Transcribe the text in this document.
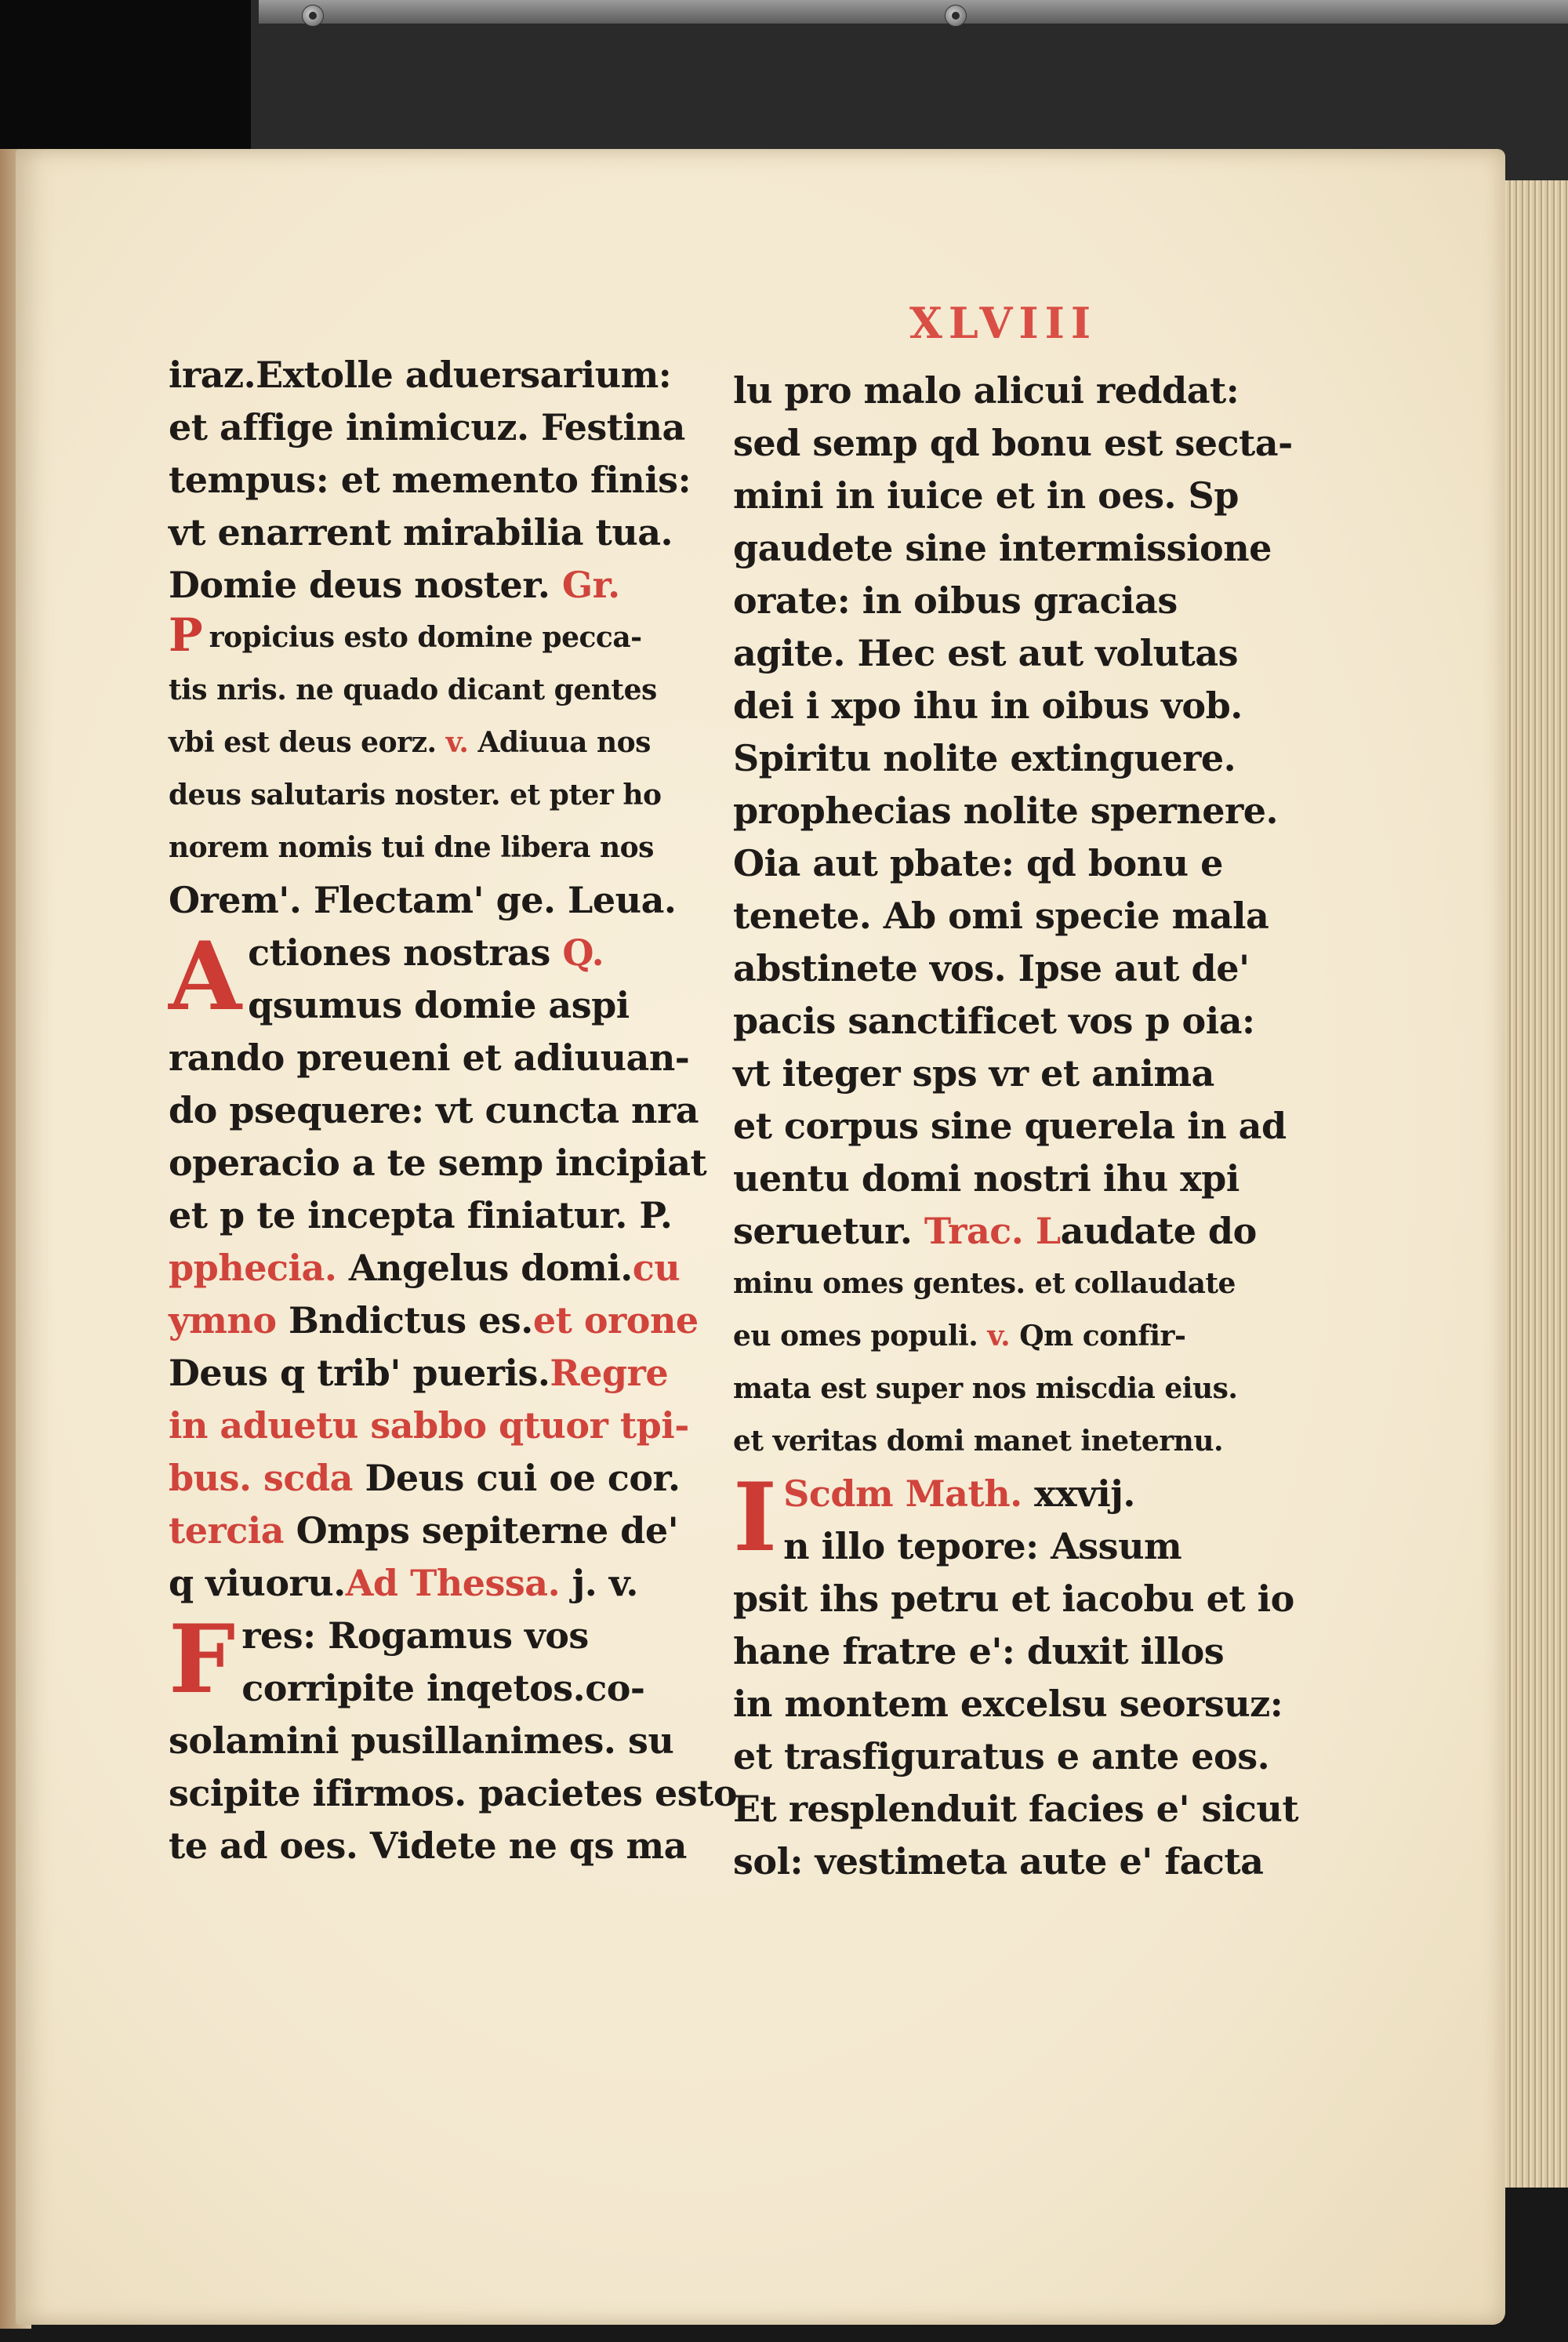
XLVIII
iraz.Extolle aduersarium:
et affige inimicuz. Festina
tempus: et memento finis:
vt enarrent mirabilia tua.
Domie deus noster. Gr.
P ropicius esto domine pecca-
tis nris. ne quado dicant gentes
vbi est deus eorz. v. Adiuua nos
deus salutaris noster. et pter ho
norem nomis tui dne libera nos
Orem'. Flectam' ge. Leua.
A ctiones nostras Q.
qsumus domie aspi
rando preueni et adiuuan-
do psequere: vt cuncta nra
operacio a te semp incipiat
et p te incepta finiatur. P.
pphecia. Angelus domi.cu
ymno Bndictus es.et orone
Deus q trib' pueris.Regre
in aduetu sabbo qtuor tpi-
bus. scda Deus cui oe cor.
tercia Omps sepiterne de'
q viuoru.Ad Thessa. j. v.
F res: Rogamus vos
corripite inqetos.co-
solamini pusillanimes. su
scipite ifirmos. pacietes esto
te ad oes. Videte ne qs ma
lu pro malo alicui reddat:
sed semp qd bonu est secta-
mini in iuice et in oes. Sp
gaudete sine intermissione
orate: in oibus gracias
agite. Hec est aut volutas
dei i xpo ihu in oibus vob.
Spiritu nolite extinguere.
prophecias nolite spernere.
Oia aut pbate: qd bonu e
tenete. Ab omi specie mala
abstinete vos. Ipse aut de'
pacis sanctificet vos p oia:
vt iteger sps vr et anima
et corpus sine querela in ad
uentu domi nostri ihu xpi
seruetur. Trac. Laudate do
minu omes gentes. et collaudate
eu omes populi. v. Qm confir-
mata est super nos miscdia eius.
et veritas domi manet ineternu.
I Scdm Math. xxvij.
n illo tepore: Assum
psit ihs petru et iacobu et io
hane fratre e': duxit illos
in montem excelsu seorsuz:
et trasfiguratus e ante eos.
Et resplenduit facies e' sicut
sol: vestimeta aute e' facta
